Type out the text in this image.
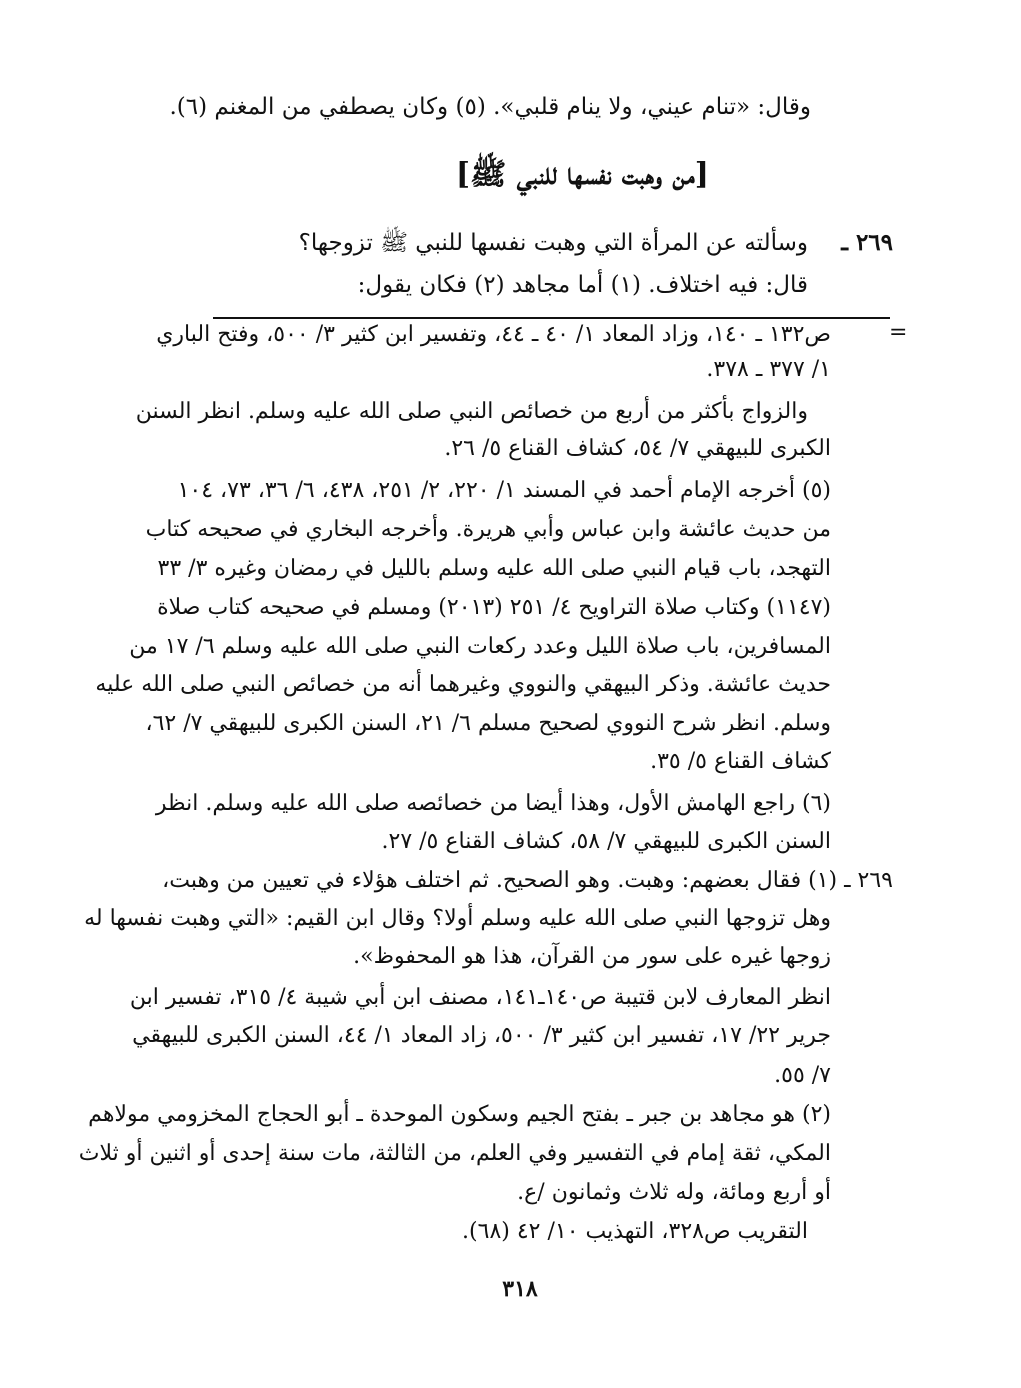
وقال: «تنام عيني، ولا ينام قلبي». (٥) وكان يصطفي من المغنم (٦).
[من وهبت نفسها للنبي ﷺ]
٢٦٩ ـ
وسألته عن المرأة التي وهبت نفسها للنبي ﷺ تزوجها؟
قال: فيه اختلاف. (١) أما مجاهد (٢) فكان يقول:
=
ص١٣٢ ـ ١٤٠، وزاد المعاد ١/ ٤٠ ـ ٤٤، وتفسير ابن كثير ٣/ ٥٠٠، وفتح الباري
١/ ٣٧٧ ـ ٣٧٨.
والزواج بأكثر من أربع من خصائص النبي صلى الله عليه وسلم. انظر السنن
الكبرى للبيهقي ٧/ ٥٤، كشاف القناع ٥/ ٢٦.
(٥) أخرجه الإمام أحمد في المسند ١/ ٢٢٠، ٢/ ٢٥١، ٤٣٨، ٦/ ٣٦، ٧٣، ١٠٤
من حديث عائشة وابن عباس وأبي هريرة. وأخرجه البخاري في صحيحه كتاب
التهجد، باب قيام النبي صلى الله عليه وسلم بالليل في رمضان وغيره ٣/ ٣٣
(١١٤٧) وكتاب صلاة التراويح ٤/ ٢٥١ (٢٠١٣) ومسلم في صحيحه كتاب صلاة
المسافرين، باب صلاة الليل وعدد ركعات النبي صلى الله عليه وسلم ٦/ ١٧ من
حديث عائشة. وذكر البيهقي والنووي وغيرهما أنه من خصائص النبي صلى الله عليه
وسلم. انظر شرح النووي لصحيح مسلم ٦/ ٢١، السنن الكبرى للبيهقي ٧/ ٦٢،
كشاف القناع ٥/ ٣٥.
(٦) راجع الهامش الأول، وهذا أيضا من خصائصه صلى الله عليه وسلم. انظر
السنن الكبرى للبيهقي ٧/ ٥٨، كشاف القناع ٥/ ٢٧.
٢٦٩ ـ (١) فقال بعضهم: وهبت. وهو الصحيح. ثم اختلف هؤلاء في تعيين من وهبت،
وهل تزوجها النبي صلى الله عليه وسلم أولا؟ وقال ابن القيم: «التي وهبت نفسها له
زوجها غيره على سور من القرآن، هذا هو المحفوظ».
انظر المعارف لابن قتيبة ص١٤٠ـ١٤١، مصنف ابن أبي شيبة ٤/ ٣١٥، تفسير ابن
جرير ٢٢/ ١٧، تفسير ابن كثير ٣/ ٥٠٠، زاد المعاد ١/ ٤٤، السنن الكبرى للبيهقي
٧/ ٥٥.
(٢) هو مجاهد بن جبر ـ بفتح الجيم وسكون الموحدة ـ أبو الحجاج المخزومي مولاهم
المكي، ثقة إمام في التفسير وفي العلم، من الثالثة، مات سنة إحدى أو اثنين أو ثلاث
أو أربع ومائة، وله ثلاث وثمانون /ع.
التقريب ص٣٢٨، التهذيب ١٠/ ٤٢ (٦٨).
٣١٨
